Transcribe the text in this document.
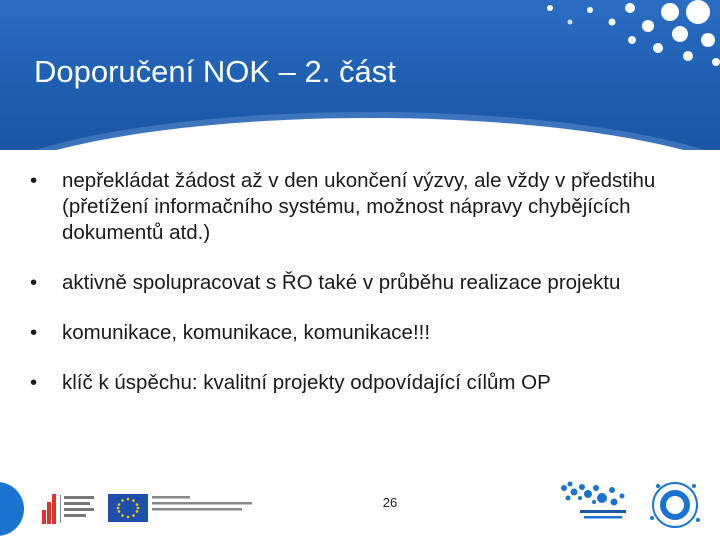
Doporučení NOK – 2. část
• nepřekládat žádost až v den ukončení výzvy, ale vždy v předstihu (přetížení informačního systému, možnost nápravy chybějících dokumentů atd.)
• aktivně spolupracovat s ŘO také v průběhu realizace projektu
• komunikace, komunikace, komunikace!!!
• klíč k úspěchu: kvalitní projekty odpovídající cílům OP
26
